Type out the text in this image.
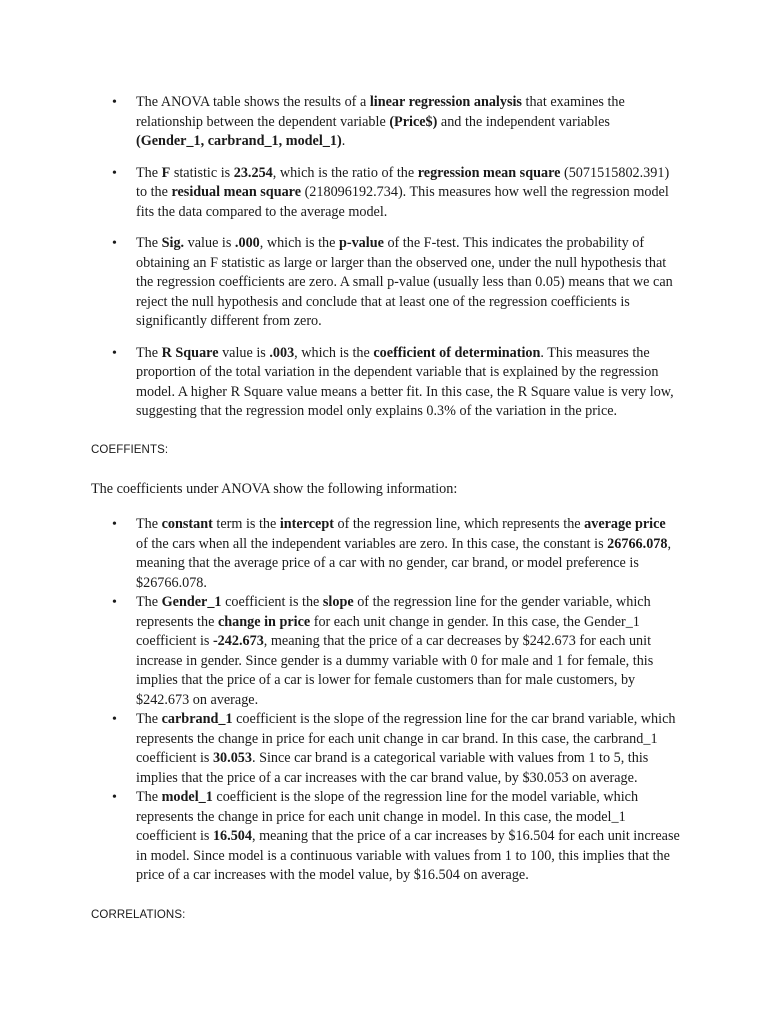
• The ANOVA table shows the results of a linear regression analysis that examines the relationship between the dependent variable (Price$) and the independent variables (Gender_1, carbrand_1, model_1).
• The F statistic is 23.254, which is the ratio of the regression mean square (5071515802.391) to the residual mean square (218096192.734). This measures how well the regression model fits the data compared to the average model.
• The Sig. value is .000, which is the p-value of the F-test. This indicates the probability of obtaining an F statistic as large or larger than the observed one, under the null hypothesis that the regression coefficients are zero. A small p-value (usually less than 0.05) means that we can reject the null hypothesis and conclude that at least one of the regression coefficients is significantly different from zero.
• The R Square value is .003, which is the coefficient of determination. This measures the proportion of the total variation in the dependent variable that is explained by the regression model. A higher R Square value means a better fit. In this case, the R Square value is very low, suggesting that the regression model only explains 0.3% of the variation in the price.
COEFFIENTS:
The coefficients under ANOVA show the following information:
• The constant term is the intercept of the regression line, which represents the average price of the cars when all the independent variables are zero. In this case, the constant is 26766.078, meaning that the average price of a car with no gender, car brand, or model preference is $26766.078.
• The Gender_1 coefficient is the slope of the regression line for the gender variable, which represents the change in price for each unit change in gender. In this case, the Gender_1 coefficient is -242.673, meaning that the price of a car decreases by $242.673 for each unit increase in gender. Since gender is a dummy variable with 0 for male and 1 for female, this implies that the price of a car is lower for female customers than for male customers, by $242.673 on average.
• The carbrand_1 coefficient is the slope of the regression line for the car brand variable, which represents the change in price for each unit change in car brand. In this case, the carbrand_1 coefficient is 30.053. Since car brand is a categorical variable with values from 1 to 5, this implies that the price of a car increases with the car brand value, by $30.053 on average.
• The model_1 coefficient is the slope of the regression line for the model variable, which represents the change in price for each unit change in model. In this case, the model_1 coefficient is 16.504, meaning that the price of a car increases by $16.504 for each unit increase in model. Since model is a continuous variable with values from 1 to 100, this implies that the price of a car increases with the model value, by $16.504 on average.
CORRELATIONS:
